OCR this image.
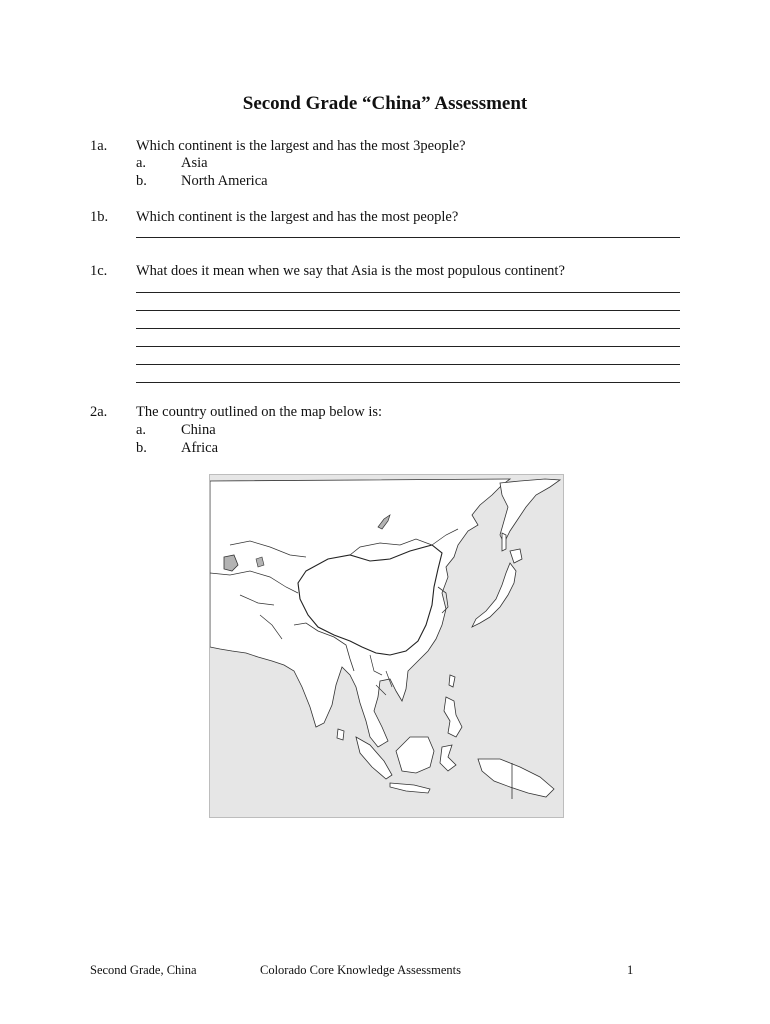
Second Grade “China” Assessment
1a.	Which continent is the largest and has the most 3people?
a. Asia
b. North America
1b.	Which continent is the largest and has the most people?
1c.	What does it mean when we say that Asia is the most populous continent?
2a.	The country outlined on the map below is:
a. China
b. Africa
Second Grade, China	Colorado Core Knowledge Assessments	1
